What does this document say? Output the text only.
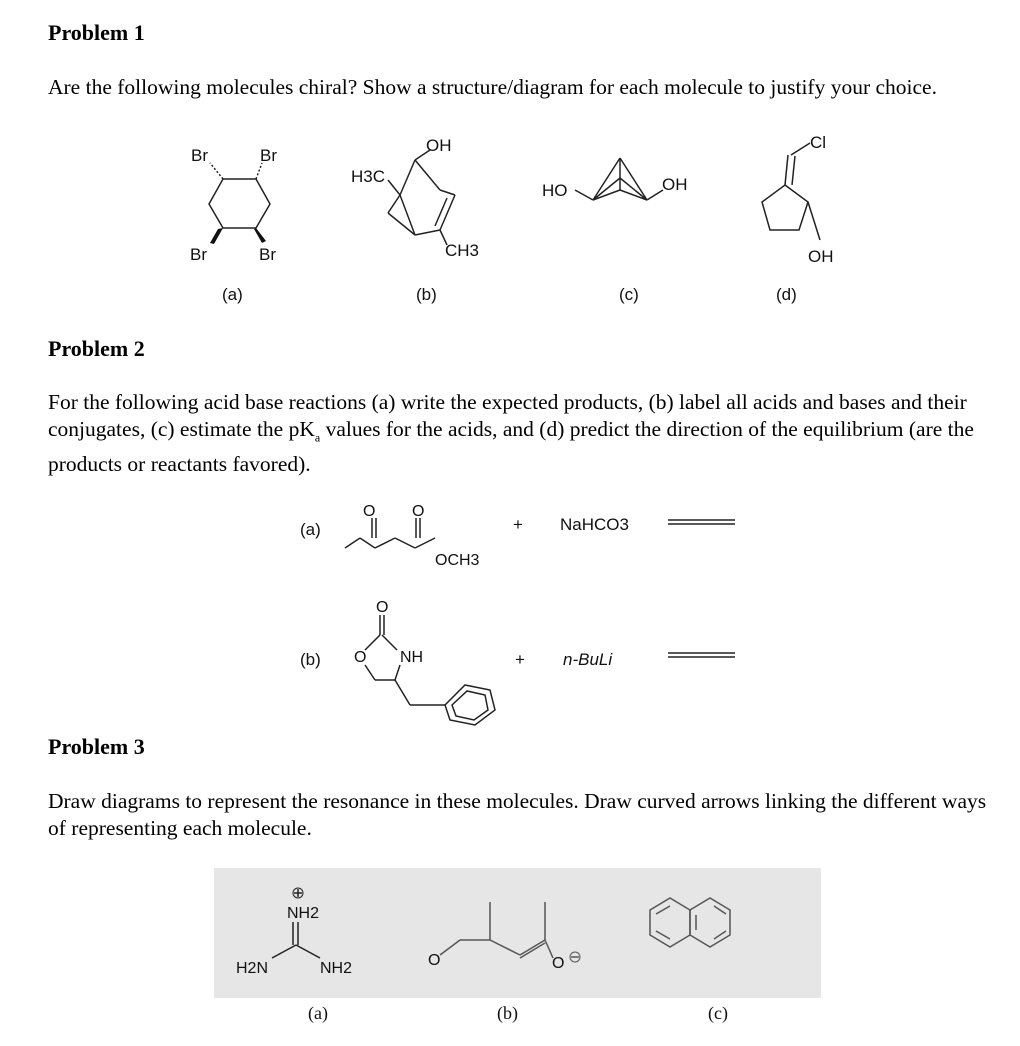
Problem 1

Are the following molecules chiral? Show a structure/diagram for each molecule to justify your choice.

Br	Br
Br	Br
(a)
OH
H3C
CH3
(b)
HO	OH
(c)
Cl
OH
(d)
(a)
O O
OCH3
+ NaHCO3
(b)
O
O NH	+ n-BuLi
Problem 2

For the following acid base reactions (a) write the expected products, (b) label all acids and bases and their conjugates, (c) estimate the $pK_a$ values for the acids, and (d) predict the direction of the equilibrium (are the products or reactants favored).

Problem 3

Draw diagrams to represent the resonance in these molecules. Draw curved arrows linking the different ways of representing each molecule.

NH2
H2N	NH2
(a)
O	O
(b)	(c)
